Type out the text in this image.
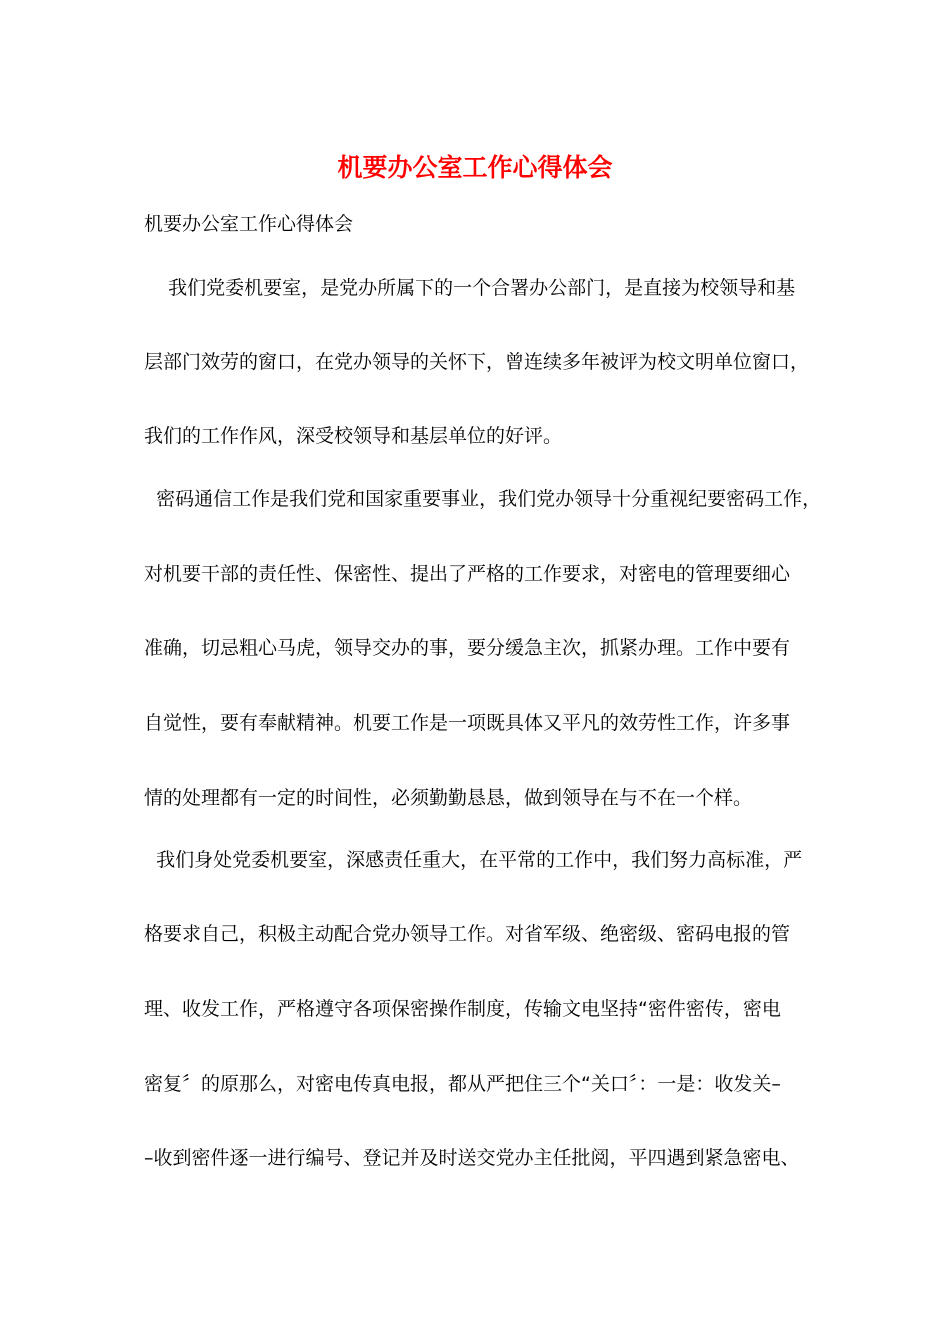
机要办公室工作心得体会
机要办公室工作心得体会
我们党委机要室，是党办所属下的一个合署办公部门，是直接为校领导和基
层部门效劳的窗口，在党办领导的关怀下，曾连续多年被评为校文明单位窗口，
我们的工作作风，深受校领导和基层单位的好评。
密码通信工作是我们党和国家重要事业，我们党办领导十分重视纪要密码工作，
对机要干部的责任性、保密性、提出了严格的工作要求，对密电的管理要细心
准确，切忌粗心马虎，领导交办的事，要分缓急主次，抓紧办理。工作中要有
自觉性，要有奉献精神。机要工作是一项既具体又平凡的效劳性工作，许多事
情的处理都有一定的时间性，必须勤勤恳恳，做到领导在与不在一个样。
我们身处党委机要室，深感责任重大，在平常的工作中，我们努力高标准，严
格要求自己，积极主动配合党办领导工作。对省军级、绝密级、密码电报的管
理、收发工作，严格遵守各项保密操作制度，传输文电坚持“密件密传，密电
密复〞的原那么，对密电传真电报，都从严把住三个“关口〞：一是：收发关–
–收到密件逐一进行编号、登记并及时送交党办主任批阅，平四遇到紧急密电、
